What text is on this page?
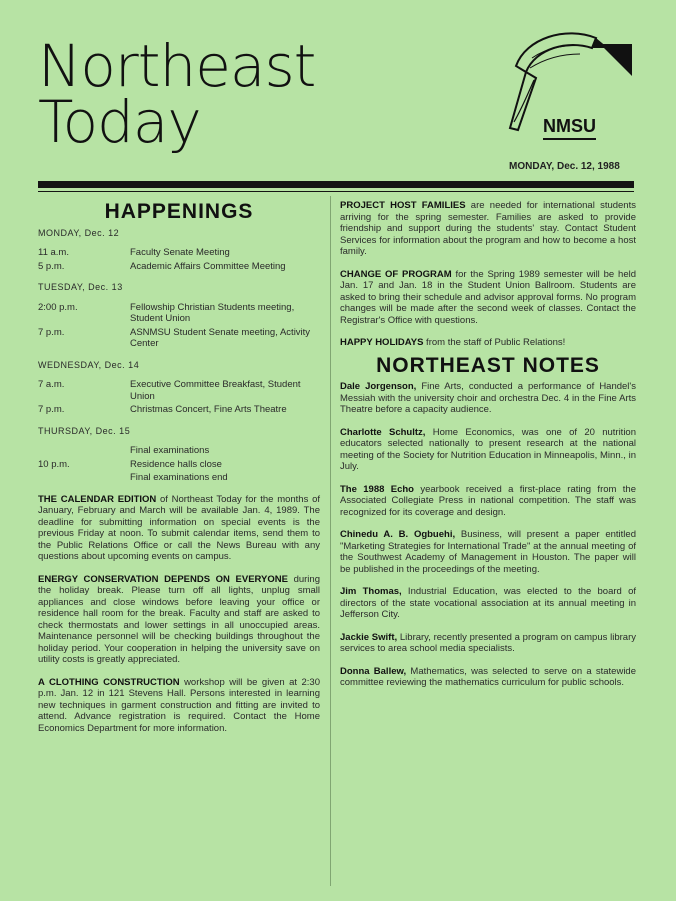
Northeast
Today	NMSU
MONDAY, Dec. 12, 1988
HAPPENINGS
MONDAY, Dec. 12
11 a.m.	Faculty Senate Meeting
5 p.m.	Academic Affairs Committee Meeting
TUESDAY, Dec. 13
2:00 p.m.	Fellowship Christian Students meeting, Student Union
7 p.m.	ASNMSU Student Senate meeting, Activity Center
WEDNESDAY, Dec. 14
7 a.m.	Executive Committee Breakfast, Student Union
7 p.m.	Christmas Concert, Fine Arts Theatre
THURSDAY, Dec. 15
Final examinations
10 p.m.	Residence halls close
Final examinations end

THE CALENDAR EDITION of Northeast Today for the months of January, February and March will be available Jan. 4, 1989. The deadline for submitting information on special events is the previous Friday at noon. To submit calendar items, send them to the Public Relations Office or call the News Bureau with any questions about upcoming events on campus.

ENERGY CONSERVATION DEPENDS ON EVERYONE during the holiday break. Please turn off all lights, unplug small appliances and close windows before leaving your office or residence hall room for the break. Faculty and staff are asked to check thermostats and lower settings in all unoccupied areas. Maintenance personnel will be checking buildings throughout the holiday period. Your cooperation in helping the university save on utility costs is greatly appreciated.

A CLOTHING CONSTRUCTION workshop will be given at 2:30 p.m. Jan. 12 in 121 Stevens Hall. Persons interested in learning new techniques in garment construction and fitting are invited to attend. Advance registration is required. Contact the Home Economics Department for more information.

PROJECT HOST FAMILIES are needed for international students arriving for the spring semester. Families are asked to provide friendship and support during the students' stay. Contact Student Services for information about the program and how to become a host family.

CHANGE OF PROGRAM for the Spring 1989 semester will be held Jan. 17 and Jan. 18 in the Student Union Ballroom. Students are asked to bring their schedule and advisor approval forms. No program changes will be made after the second week of classes. Contact the Registrar's Office with questions.

HAPPY HOLIDAYS from the staff of Public Relations!

NORTHEAST NOTES

Dale Jorgenson, Fine Arts, conducted a performance of Handel's Messiah with the university choir and orchestra Dec. 4 in the Fine Arts Theatre before a capacity audience.

Charlotte Schultz, Home Economics, was one of 20 nutrition educators selected nationally to present research at the national meeting of the Society for Nutrition Education in Minneapolis, Minn., in July.

The 1988 Echo yearbook received a first-place rating from the Associated Collegiate Press in national competition. The staff was recognized for its coverage and design.

Chinedu A. B. Ogbuehi, Business, will present a paper entitled "Marketing Strategies for International Trade" at the annual meeting of the Southwest Academy of Management in Houston. The paper will be published in the proceedings of the meeting.

Jim Thomas, Industrial Education, was elected to the board of directors of the state vocational association at its annual meeting in Jefferson City.

Jackie Swift, Library, recently presented a program on campus library services to area school media specialists.

Donna Ballew, Mathematics, was selected to serve on a statewide committee reviewing the mathematics curriculum for public schools.
